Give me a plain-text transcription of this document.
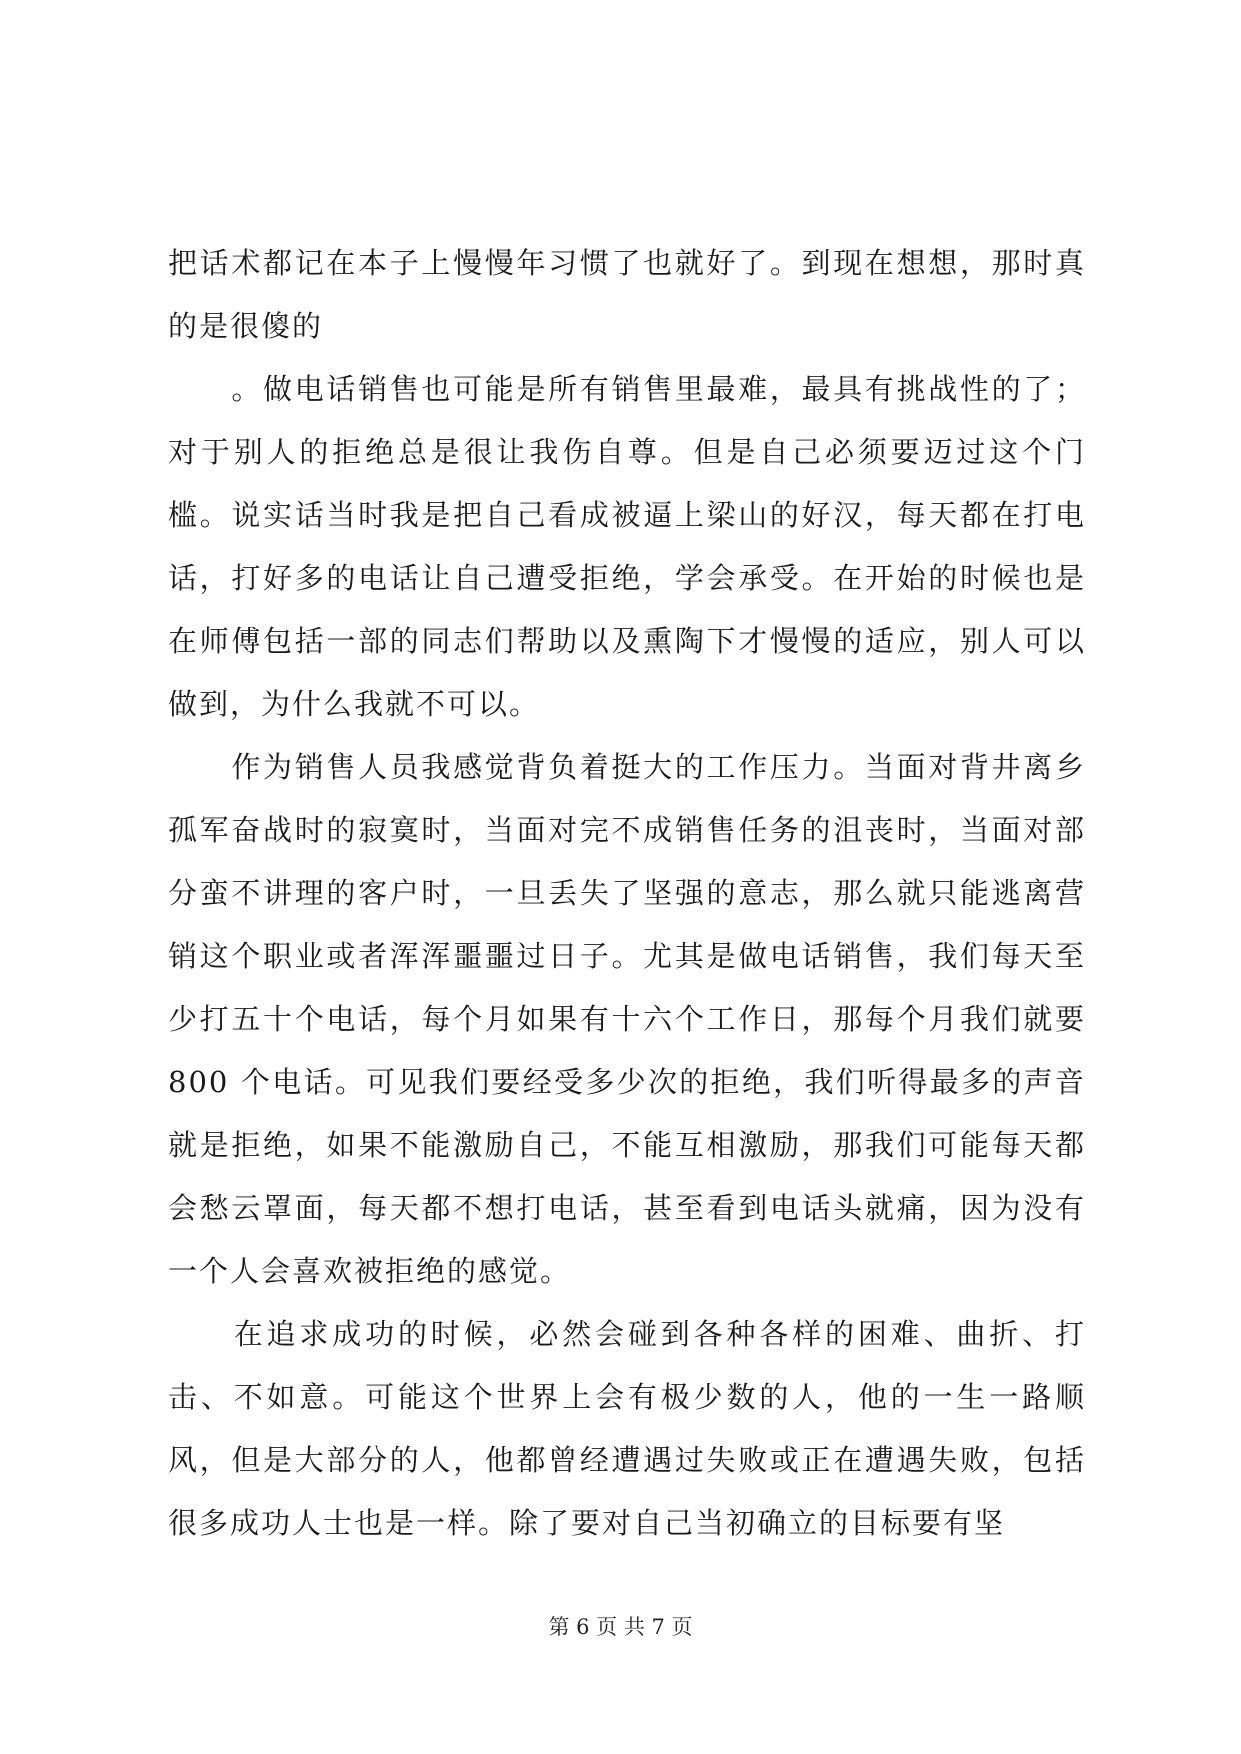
把话术都记在本子上慢慢年习惯了也就好了。到现在想想，那时真的是很傻的

　　。做电话销售也可能是所有销售里最难，最具有挑战性的了；对于别人的拒绝总是很让我伤自尊。但是自己必须要迈过这个门槛。说实话当时我是把自己看成被逼上梁山的好汉，每天都在打电话，打好多的电话让自己遭受拒绝，学会承受。在开始的时候也是在师傅包括一部的同志们帮助以及熏陶下才慢慢的适应，别人可以做到，为什么我就不可以。

　　作为销售人员我感觉背负着挺大的工作压力。当面对背井离乡孤军奋战时的寂寞时，当面对完不成销售任务的沮丧时，当面对部分蛮不讲理的客户时，一旦丢失了坚强的意志，那么就只能逃离营销这个职业或者浑浑噩噩过日子。尤其是做电话销售，我们每天至少打五十个电话，每个月如果有十六个工作日，那每个月我们就要 800 个电话。可见我们要经受多少次的拒绝，我们听得最多的声音就是拒绝，如果不能激励自己，不能互相激励，那我们可能每天都会愁云罩面，每天都不想打电话，甚至看到电话头就痛，因为没有一个人会喜欢被拒绝的感觉。

　　在追求成功的时候，必然会碰到各种各样的困难、曲折、打击、不如意。可能这个世界上会有极少数的人，他的一生一路顺风，但是大部分的人，他都曾经遭遇过失败或正在遭遇失败，包括很多成功人士也是一样。除了要对自己当初确立的目标要有坚

第 6 页 共 7 页
